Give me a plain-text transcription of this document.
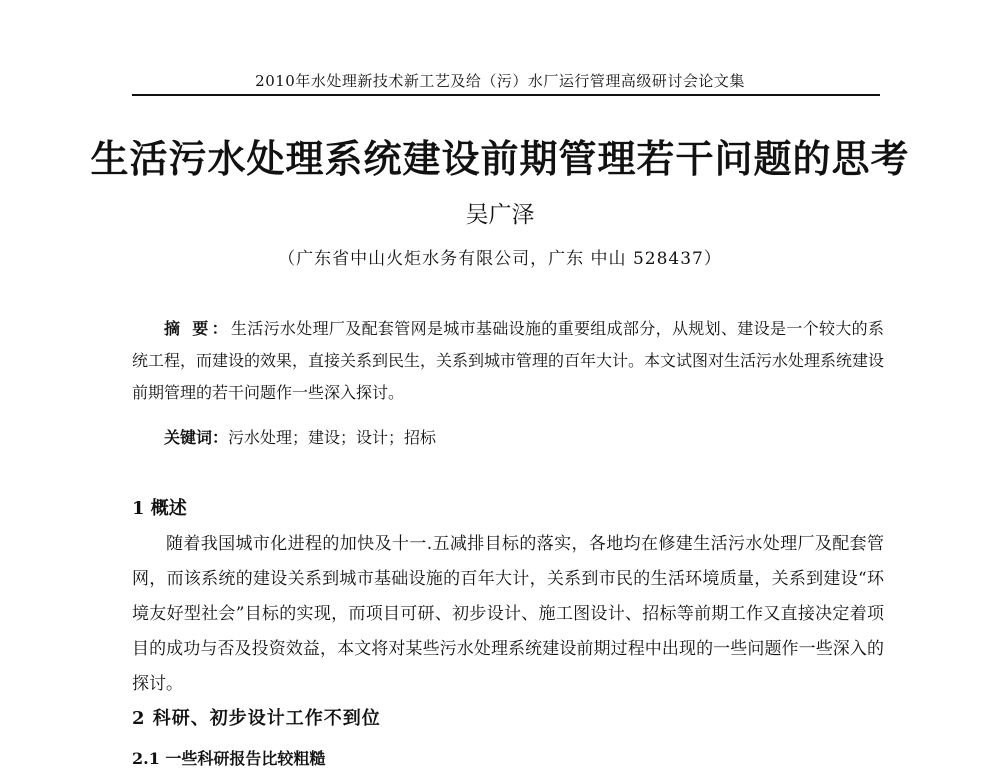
2010年水处理新技术新工艺及给（污）水厂运行管理高级研讨会论文集
生活污水处理系统建设前期管理若干问题的思考
吴广泽
（广东省中山火炬水务有限公司，广东 中山 528437）
摘 要：生活污水处理厂及配套管网是城市基础设施的重要组成部分，从规划、建设是一个较大的系统工程，而建设的效果，直接关系到民生，关系到城市管理的百年大计。本文试图对生活污水处理系统建设前期管理的若干问题作一些深入探讨。
关键词：污水处理；建设；设计；招标
1 概述
随着我国城市化进程的加快及十一.五减排目标的落实，各地均在修建生活污水处理厂及配套管网，而该系统的建设关系到城市基础设施的百年大计，关系到市民的生活环境质量，关系到建设“环境友好型社会”目标的实现，而项目可研、初步设计、施工图设计、招标等前期工作又直接决定着项目的成功与否及投资效益，本文将对某些污水处理系统建设前期过程中出现的一些问题作一些深入的探讨。
2 科研、初步设计工作不到位
2.1 一些科研报告比较粗糙
